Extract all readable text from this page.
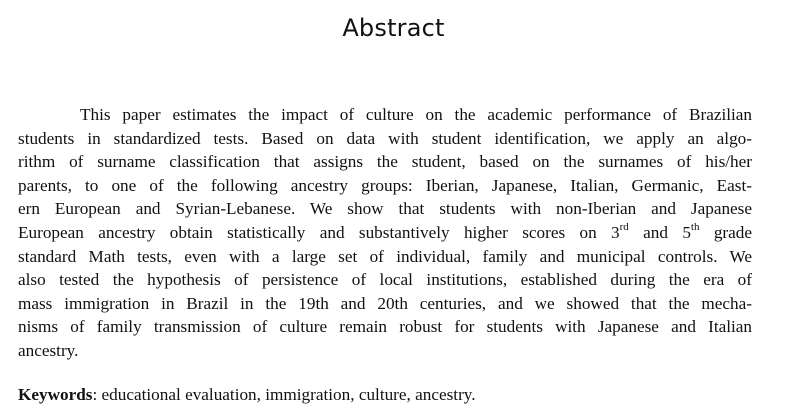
Abstract
This paper estimates the impact of culture on the academic performance of Brazilian
students in standardized tests. Based on data with student identification, we apply an algo-
rithm of surname classification that assigns the student, based on the surnames of his/her
parents, to one of the following ancestry groups: Iberian, Japanese, Italian, Germanic, East-
ern European and Syrian-Lebanese. We show that students with non-Iberian and Japanese
European ancestry obtain statistically and substantively higher scores on 3rd and 5th grade
standard Math tests, even with a large set of individual, family and municipal controls. We
also tested the hypothesis of persistence of local institutions, established during the era of
mass immigration in Brazil in the 19th and 20th centuries, and we showed that the mecha-
nisms of family transmission of culture remain robust for students with Japanese and Italian
ancestry.
Keywords: educational evaluation, immigration, culture, ancestry.
